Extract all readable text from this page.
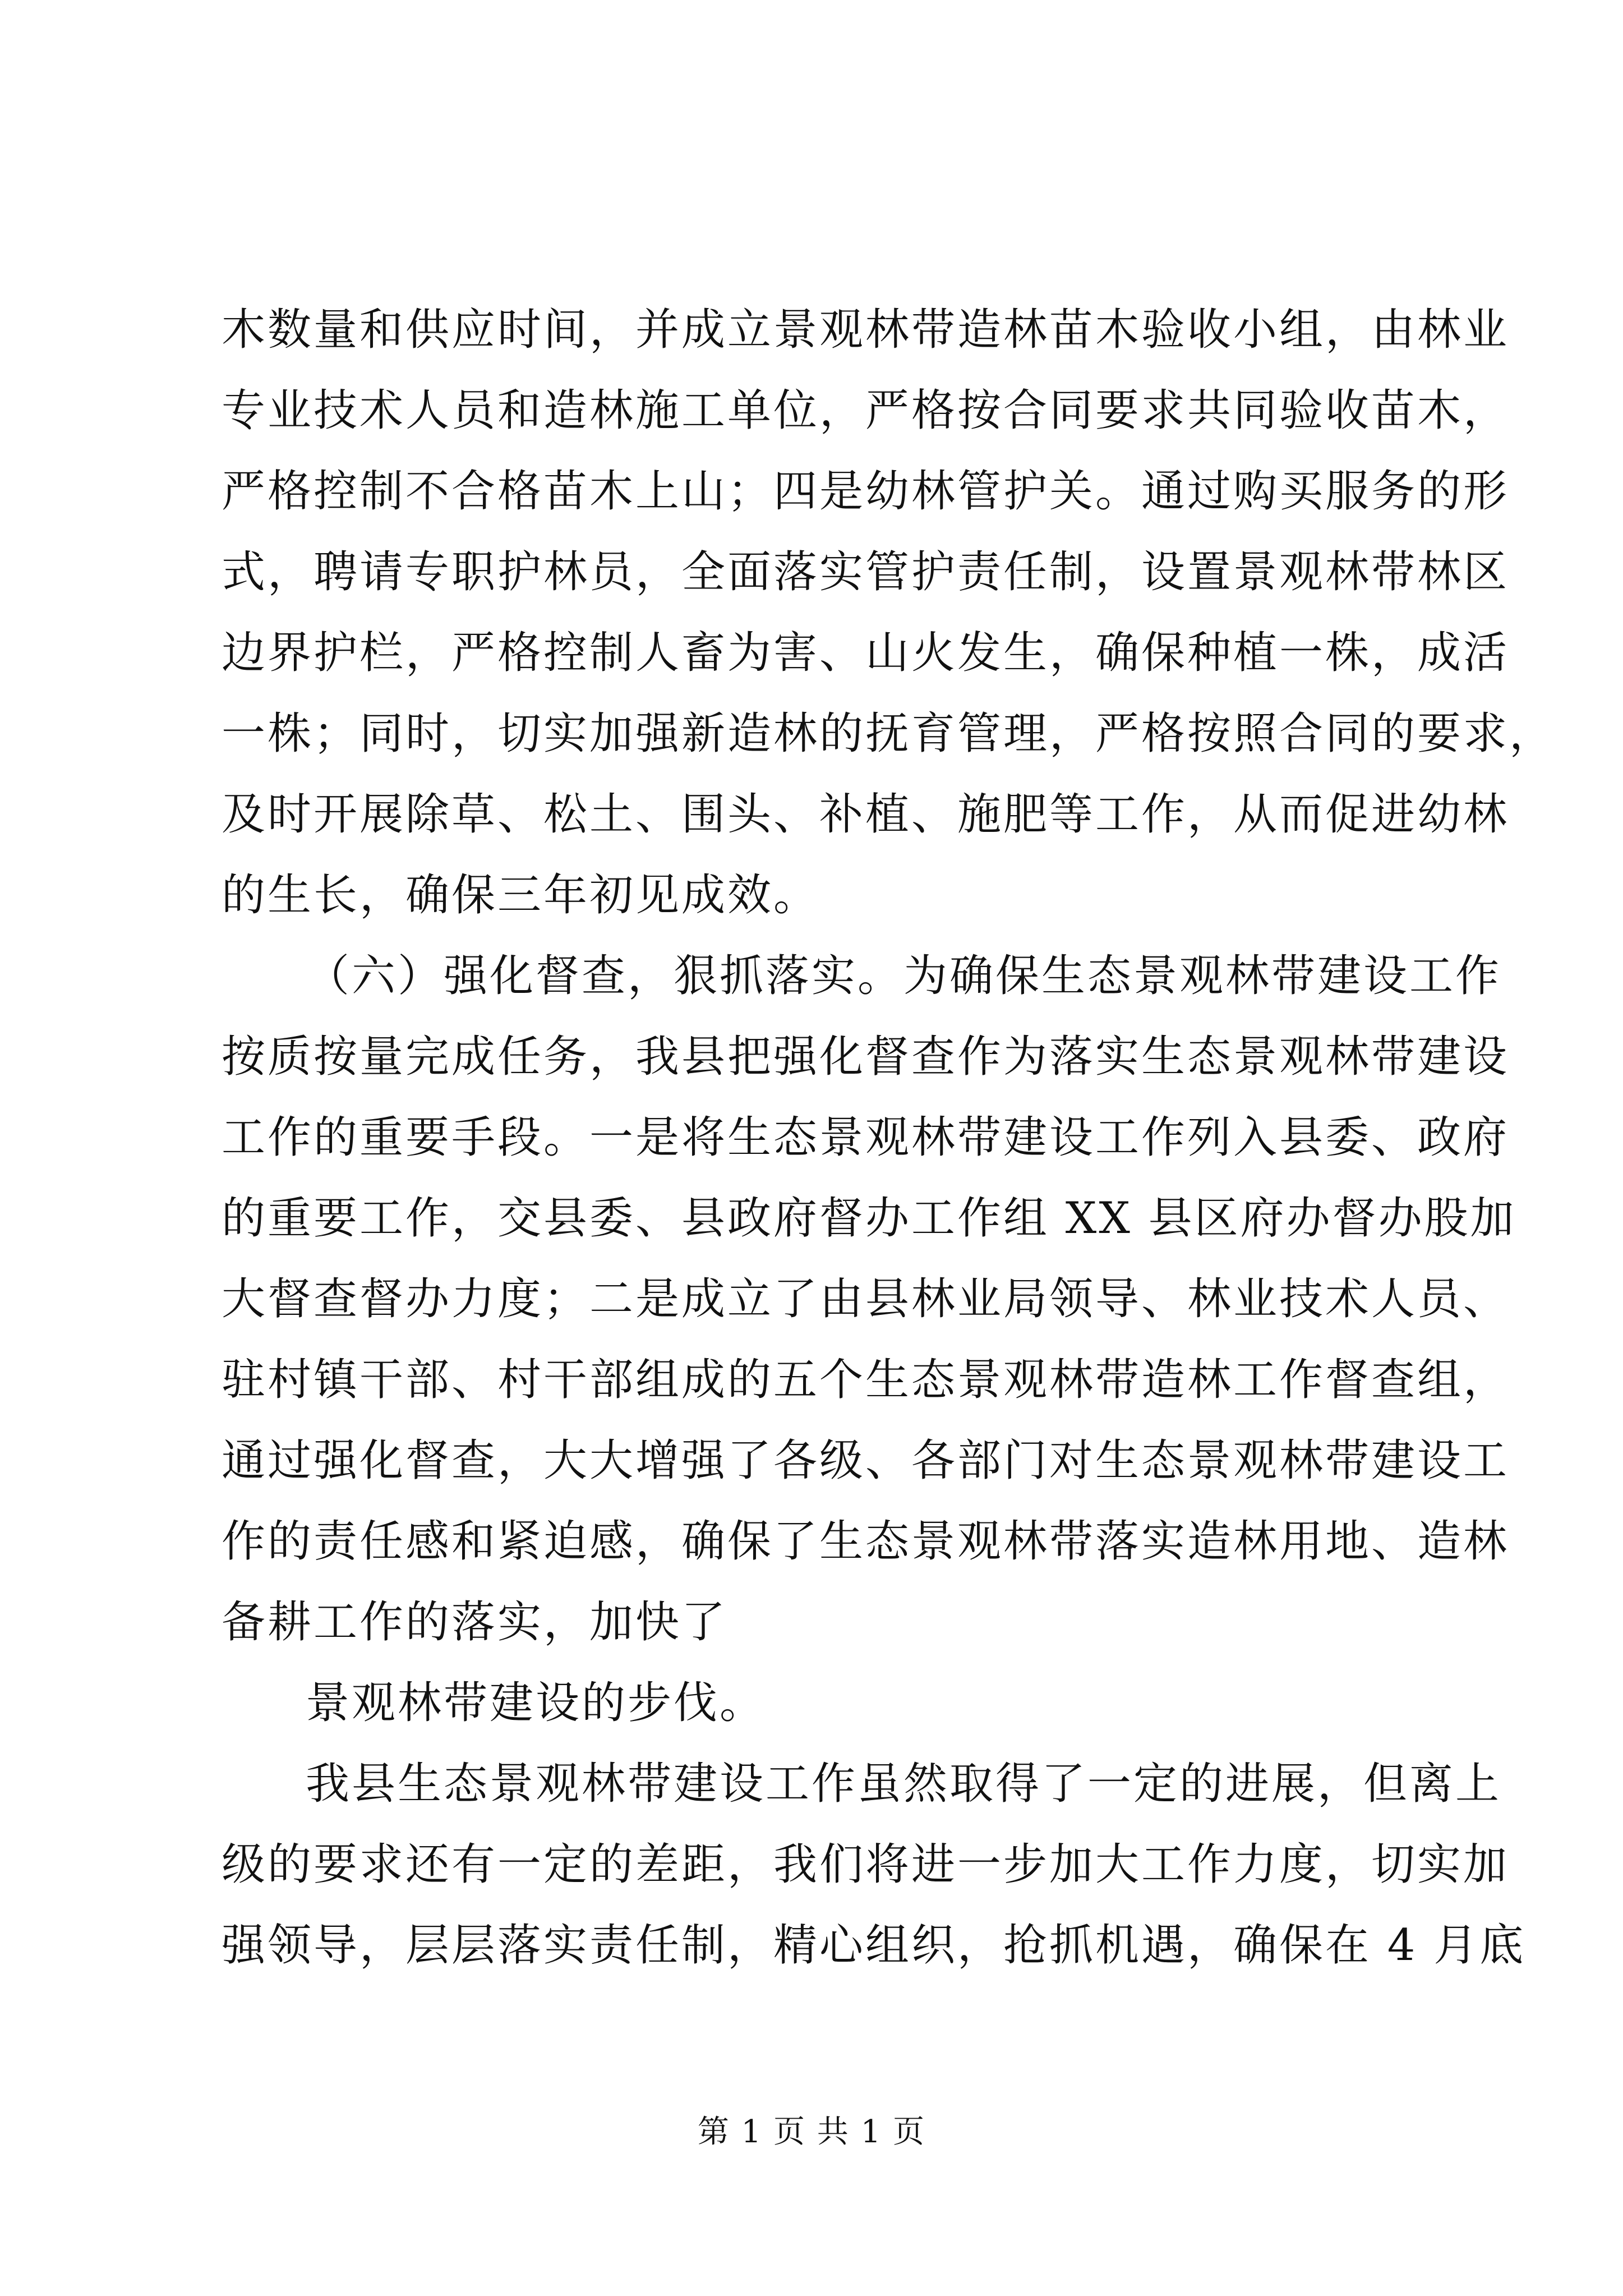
木数量和供应时间，并成立景观林带造林苗木验收小组，由林业
专业技术人员和造林施工单位，严格按合同要求共同验收苗木，
严格控制不合格苗木上山；四是幼林管护关。通过购买服务的形
式，聘请专职护林员，全面落实管护责任制，设置景观林带林区
边界护栏，严格控制人畜为害、山火发生，确保种植一株，成活
一株；同时，切实加强新造林的抚育管理，严格按照合同的要求，
及时开展除草、松土、围头、补植、施肥等工作，从而促进幼林
的生长，确保三年初见成效。
（六）强化督查，狠抓落实。为确保生态景观林带建设工作
按质按量完成任务，我县把强化督查作为落实生态景观林带建设
工作的重要手段。一是将生态景观林带建设工作列入县委、政府
的重要工作，交县委、县政府督办工作组 XX 县区府办督办股加
大督查督办力度；二是成立了由县林业局领导、林业技术人员、
驻村镇干部、村干部组成的五个生态景观林带造林工作督查组，
通过强化督查，大大增强了各级、各部门对生态景观林带建设工
作的责任感和紧迫感，确保了生态景观林带落实造林用地、造林
备耕工作的落实，加快了
景观林带建设的步伐。
我县生态景观林带建设工作虽然取得了一定的进展，但离上
级的要求还有一定的差距，我们将进一步加大工作力度，切实加
强领导，层层落实责任制，精心组织，抢抓机遇，确保在 4 月底
第 1 页 共 1 页
